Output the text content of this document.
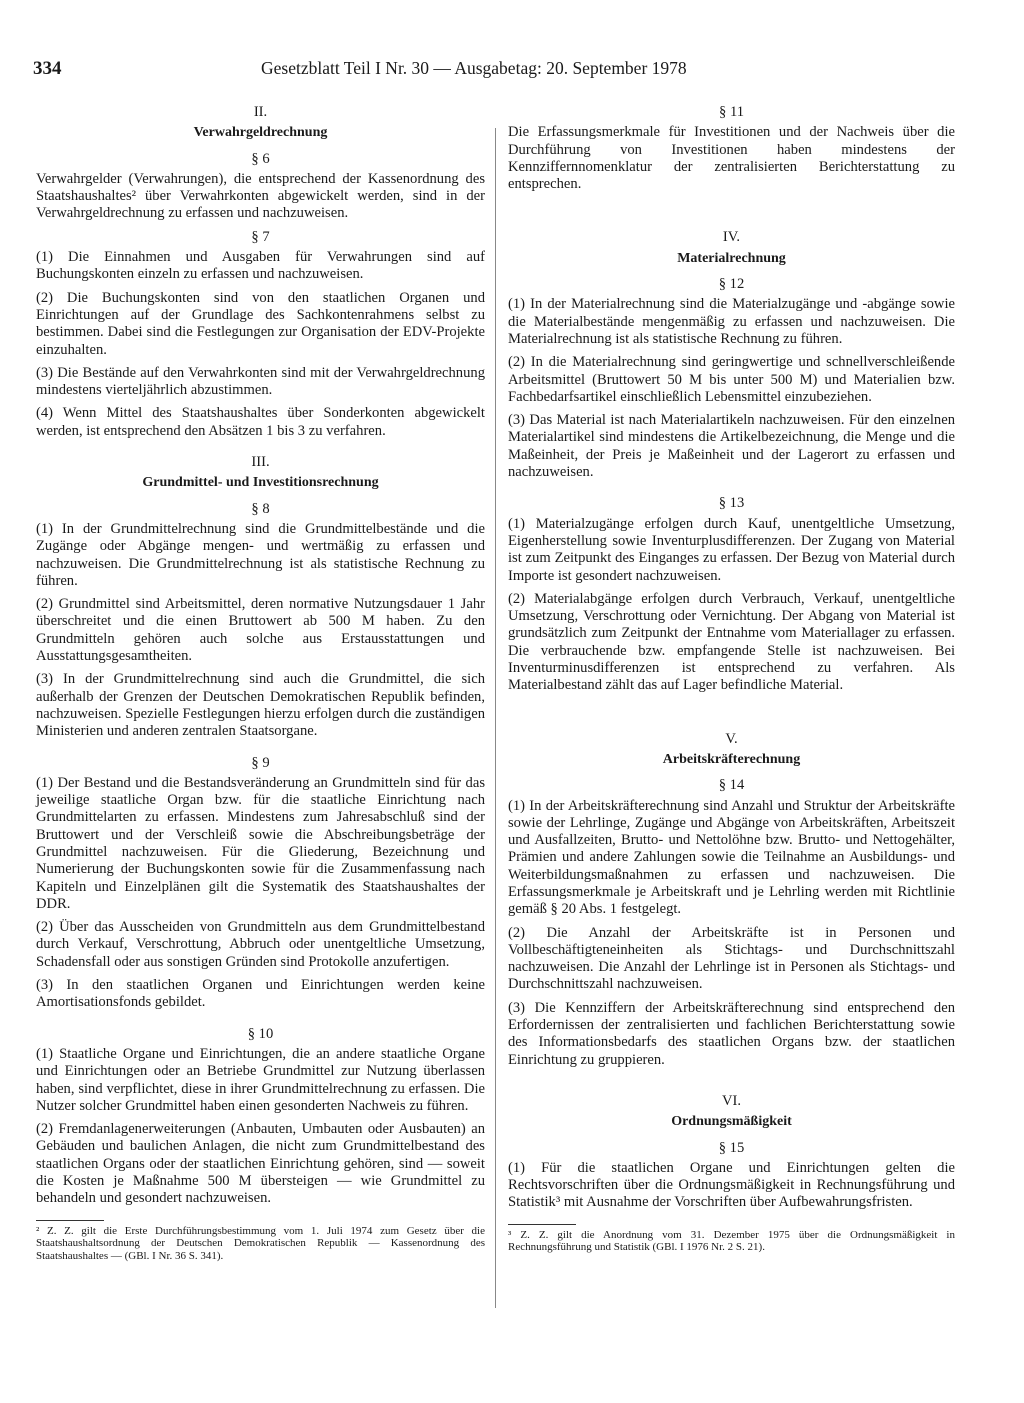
334	Gesetzblatt Teil I Nr. 30 — Ausgabetag: 20. September 1978

II.

Verwahrgeldrechnung

§ 6

Verwahrgelder (Verwahrungen), die entsprechend der Kassenordnung des Staatshaushaltes² über Verwahrkonten abgewickelt werden, sind in der Verwahrgeldrechnung zu erfassen und nachzuweisen.

§ 7

(1) Die Einnahmen und Ausgaben für Verwahrungen sind auf Buchungskonten einzeln zu erfassen und nachzuweisen.

(2) Die Buchungskonten sind von den staatlichen Organen und Einrichtungen auf der Grundlage des Sachkontenrahmens selbst zu bestimmen. Dabei sind die Festlegungen zur Organisation der EDV-Projekte einzuhalten.

(3) Die Bestände auf den Verwahrkonten sind mit der Verwahrgeldrechnung mindestens vierteljährlich abzustimmen.

(4) Wenn Mittel des Staatshaushaltes über Sonderkonten abgewickelt werden, ist entsprechend den Absätzen 1 bis 3 zu verfahren.

III.

Grundmittel- und Investitionsrechnung

§ 8

(1) In der Grundmittelrechnung sind die Grundmittelbestände und die Zugänge oder Abgänge mengen- und wertmäßig zu erfassen und nachzuweisen. Die Grundmittelrechnung ist als statistische Rechnung zu führen.

(2) Grundmittel sind Arbeitsmittel, deren normative Nutzungsdauer 1 Jahr überschreitet und die einen Bruttowert ab 500 M haben. Zu den Grundmitteln gehören auch solche aus Erstausstattungen und Ausstattungsgesamtheiten.

(3) In der Grundmittelrechnung sind auch die Grundmittel, die sich außerhalb der Grenzen der Deutschen Demokratischen Republik befinden, nachzuweisen. Spezielle Festlegungen hierzu erfolgen durch die zuständigen Ministerien und anderen zentralen Staatsorgane.

§ 9

(1) Der Bestand und die Bestandsveränderung an Grundmitteln sind für das jeweilige staatliche Organ bzw. für die staatliche Einrichtung nach Grundmittelarten zu erfassen. Mindestens zum Jahresabschluß sind der Bruttowert und der Verschleiß sowie die Abschreibungsbeträge der Grundmittel nachzuweisen. Für die Gliederung, Bezeichnung und Numerierung der Buchungskonten sowie für die Zusammenfassung nach Kapiteln und Einzelplänen gilt die Systematik des Staatshaushaltes der DDR.

(2) Über das Ausscheiden von Grundmitteln aus dem Grundmittelbestand durch Verkauf, Verschrottung, Abbruch oder unentgeltliche Umsetzung, Schadensfall oder aus sonstigen Gründen sind Protokolle anzufertigen.

(3) In den staatlichen Organen und Einrichtungen werden keine Amortisationsfonds gebildet.

§ 10

(1) Staatliche Organe und Einrichtungen, die an andere staatliche Organe und Einrichtungen oder an Betriebe Grundmittel zur Nutzung überlassen haben, sind verpflichtet, diese in ihrer Grundmittelrechnung zu erfassen. Die Nutzer solcher Grundmittel haben einen gesonderten Nachweis zu führen.

(2) Fremdanlagenerweiterungen (Anbauten, Umbauten oder Ausbauten) an Gebäuden und baulichen Anlagen, die nicht zum Grundmittelbestand des staatlichen Organs oder der staatlichen Einrichtung gehören, sind — soweit die Kosten je Maßnahme 500 M übersteigen — wie Grundmittel zu behandeln und gesondert nachzuweisen.

² Z. Z. gilt die Erste Durchführungsbestimmung vom 1. Juli 1974 zum Gesetz über die Staatshaushaltsordnung der Deutschen Demokratischen Republik — Kassenordnung des Staatshaushaltes — (GBl. I Nr. 36 S. 341).

§ 11

Die Erfassungsmerkmale für Investitionen und der Nachweis über die Durchführung von Investitionen haben mindestens der Kennziffernnomenklatur der zentralisierten Berichterstattung zu entsprechen.

IV.

Materialrechnung

§ 12

(1) In der Materialrechnung sind die Materialzugänge und -abgänge sowie die Materialbestände mengenmäßig zu erfassen und nachzuweisen. Die Materialrechnung ist als statistische Rechnung zu führen.

(2) In die Materialrechnung sind geringwertige und schnellverschleißende Arbeitsmittel (Bruttowert 50 M bis unter 500 M) und Materialien bzw. Fachbedarfsartikel einschließlich Lebensmittel einzubeziehen.

(3) Das Material ist nach Materialartikeln nachzuweisen. Für den einzelnen Materialartikel sind mindestens die Artikelbezeichnung, die Menge und die Maßeinheit, der Preis je Maßeinheit und der Lagerort zu erfassen und nachzuweisen.

§ 13

(1) Materialzugänge erfolgen durch Kauf, unentgeltliche Umsetzung, Eigenherstellung sowie Inventurplusdifferenzen. Der Zugang von Material ist zum Zeitpunkt des Einganges zu erfassen. Der Bezug von Material durch Importe ist gesondert nachzuweisen.

(2) Materialabgänge erfolgen durch Verbrauch, Verkauf, unentgeltliche Umsetzung, Verschrottung oder Vernichtung. Der Abgang von Material ist grundsätzlich zum Zeitpunkt der Entnahme vom Materiallager zu erfassen. Die verbrauchende bzw. empfangende Stelle ist nachzuweisen. Bei Inventurminusdifferenzen ist entsprechend zu verfahren. Als Materialbestand zählt das auf Lager befindliche Material.

V.

Arbeitskräfterechnung

§ 14

(1) In der Arbeitskräfterechnung sind Anzahl und Struktur der Arbeitskräfte sowie der Lehrlinge, Zugänge und Abgänge von Arbeitskräften, Arbeitszeit und Ausfallzeiten, Brutto- und Nettolöhne bzw. Brutto- und Nettogehälter, Prämien und andere Zahlungen sowie die Teilnahme an Ausbildungs- und Weiterbildungsmaßnahmen zu erfassen und nachzuweisen. Die Erfassungsmerkmale je Arbeitskraft und je Lehrling werden mit Richtlinie gemäß § 20 Abs. 1 festgelegt.

(2) Die Anzahl der Arbeitskräfte ist in Personen und Vollbeschäftigteneinheiten als Stichtags- und Durchschnittszahl nachzuweisen. Die Anzahl der Lehrlinge ist in Personen als Stichtags- und Durchschnittszahl nachzuweisen.

(3) Die Kennziffern der Arbeitskräfterechnung sind entsprechend den Erfordernissen der zentralisierten und fachlichen Berichterstattung sowie des Informationsbedarfs des staatlichen Organs bzw. der staatlichen Einrichtung zu gruppieren.

VI.

Ordnungsmäßigkeit

§ 15

(1) Für die staatlichen Organe und Einrichtungen gelten die Rechtsvorschriften über die Ordnungsmäßigkeit in Rechnungsführung und Statistik³ mit Ausnahme der Vorschriften über Aufbewahrungsfristen.

³ Z. Z. gilt die Anordnung vom 31. Dezember 1975 über die Ordnungsmäßigkeit in Rechnungsführung und Statistik (GBl. I 1976 Nr. 2 S. 21).
